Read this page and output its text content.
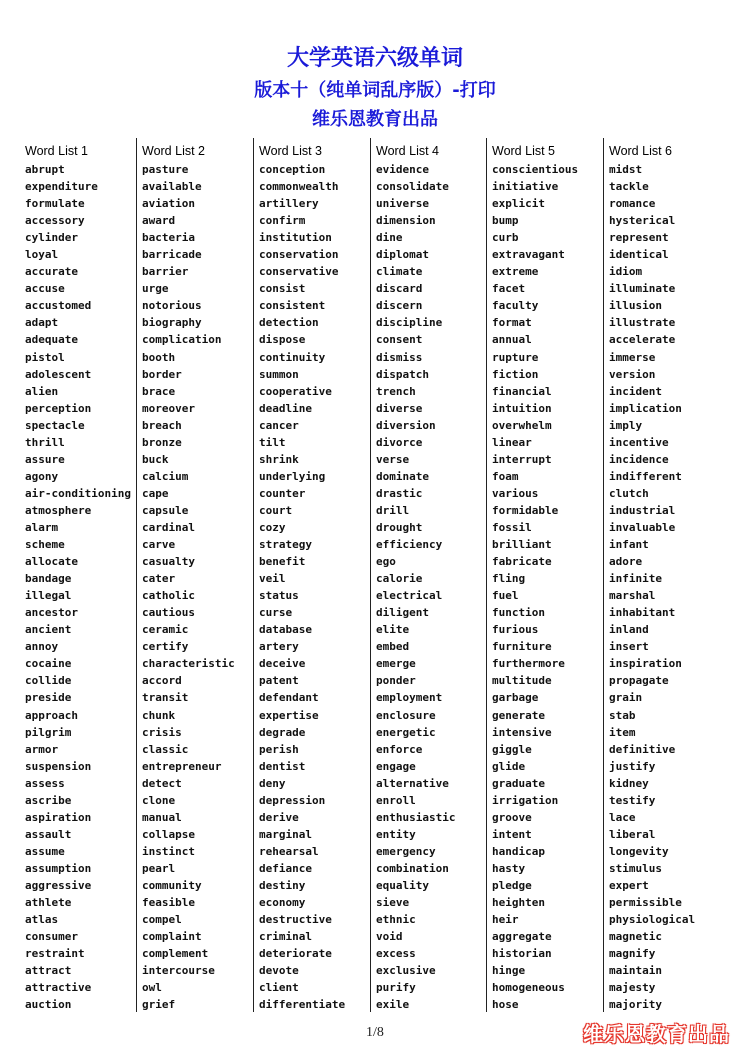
大学英语六级单词
版本十（纯单词乱序版）-打印
维乐恩教育出品
Word List 1
abrupt
expenditure
formulate
accessory
cylinder
loyal
accurate
accuse
accustomed
adapt
adequate
pistol
adolescent
alien
perception
spectacle
thrill
assure
agony
air-conditioning
atmosphere
alarm
scheme
allocate
bandage
illegal
ancestor
ancient
annoy
cocaine
collide
preside
approach
pilgrim
armor
suspension
assess
ascribe
aspiration
assault
assume
assumption
aggressive
athlete
atlas
consumer
restraint
attract
attractive
auction
Word List 2
pasture
available
aviation
award
bacteria
barricade
barrier
urge
notorious
biography
complication
booth
border
brace
moreover
breach
bronze
buck
calcium
cape
capsule
cardinal
carve
casualty
cater
catholic
cautious
ceramic
certify
characteristic
accord
transit
chunk
crisis
classic
entrepreneur
detect
clone
manual
collapse
instinct
pearl
community
feasible
compel
complaint
complement
intercourse
owl
grief
Word List 3
conception
commonwealth
artillery
confirm
institution
conservation
conservative
consist
consistent
detection
dispose
continuity
summon
cooperative
deadline
cancer
tilt
shrink
underlying
counter
court
cozy
strategy
benefit
veil
status
curse
database
artery
deceive
patent
defendant
expertise
degrade
perish
dentist
deny
depression
derive
marginal
rehearsal
defiance
destiny
economy
destructive
criminal
deteriorate
devote
client
differentiate
Word List 4
evidence
consolidate
universe
dimension
dine
diplomat
climate
discard
discern
discipline
consent
dismiss
dispatch
trench
diverse
diversion
divorce
verse
dominate
drastic
drill
drought
efficiency
ego
calorie
electrical
diligent
elite
embed
emerge
ponder
employment
enclosure
energetic
enforce
engage
alternative
enroll
enthusiastic
entity
emergency
combination
equality
sieve
ethnic
void
excess
exclusive
purify
exile
Word List 5
conscientious
initiative
explicit
bump
curb
extravagant
extreme
facet
faculty
format
annual
rupture
fiction
financial
intuition
overwhelm
linear
interrupt
foam
various
formidable
fossil
brilliant
fabricate
fling
fuel
function
furious
furniture
furthermore
multitude
garbage
generate
intensive
giggle
glide
graduate
irrigation
groove
intent
handicap
hasty
pledge
heighten
heir
aggregate
historian
hinge
homogeneous
hose
Word List 6
midst
tackle
romance
hysterical
represent
identical
idiom
illuminate
illusion
illustrate
accelerate
immerse
version
incident
implication
imply
incentive
incidence
indifferent
clutch
industrial
invaluable
infant
adore
infinite
marshal
inhabitant
inland
insert
inspiration
propagate
grain
stab
item
definitive
justify
kidney
testify
lace
liberal
longevity
stimulus
expert
permissible
physiological
magnetic
magnify
maintain
majesty
majority
1/8	维乐恩教育出品
